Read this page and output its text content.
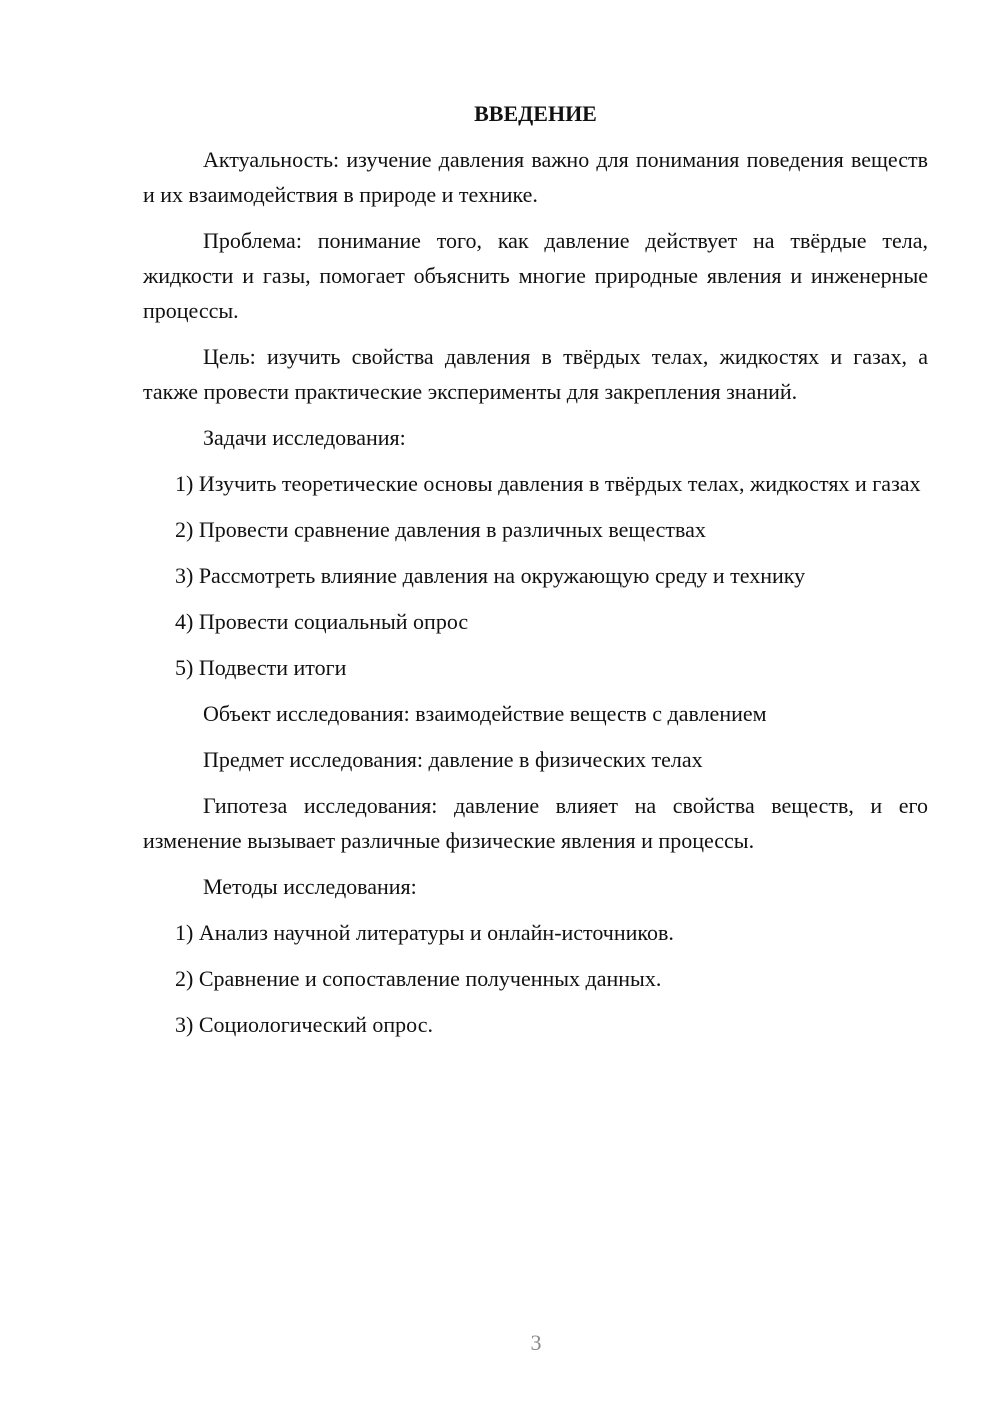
ВВЕДЕНИЕ

Актуальность: изучение давления важно для понимания поведения веществ и их взаимодействия в природе и технике.

Проблема: понимание того, как давление действует на твёрдые тела, жидкости и газы, помогает объяснить многие природные явления и инженерные процессы.

Цель: изучить свойства давления в твёрдых телах, жидкостях и газах, а также провести практические эксперименты для закрепления знаний.

Задачи исследования:

1) Изучить теоретические основы давления в твёрдых телах, жидкостях и газах

2) Провести сравнение давления в различных веществах

3) Рассмотреть влияние давления на окружающую среду и технику

4) Провести социальный опрос

5) Подвести итоги

Объект исследования: взаимодействие веществ с давлением

Предмет исследования: давление в физических телах

Гипотеза исследования: давление влияет на свойства веществ, и его изменение вызывает различные физические явления и процессы.

Методы исследования:

1) Анализ научной литературы и онлайн-источников.

2) Сравнение и сопоставление полученных данных.

3) Социологический опрос.

3
